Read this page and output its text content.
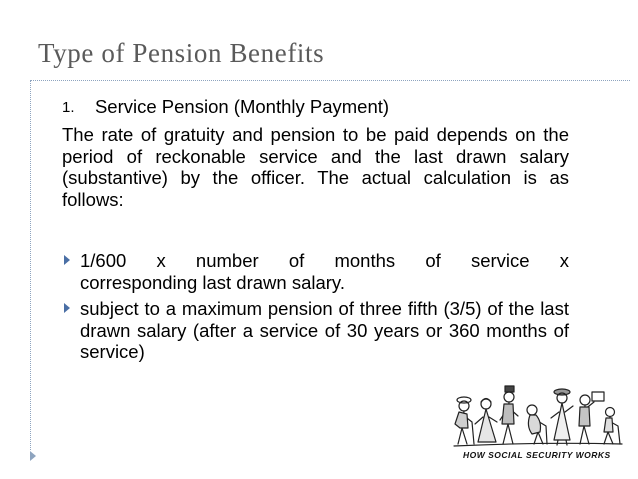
Type of Pension Benefits
1. Service Pension (Monthly Payment)

The rate of gratuity and pension to be paid depends on the period of reckonable service and the last drawn salary (substantive) by the officer. The actual calculation is as follows:

1/600 x number of months of service x
corresponding last drawn salary.

subject to a maximum pension of three fifth (3/5) of the last drawn salary (after a service of 30 years or 360 months of service)

HOW SOCIAL SECURITY WORKS
